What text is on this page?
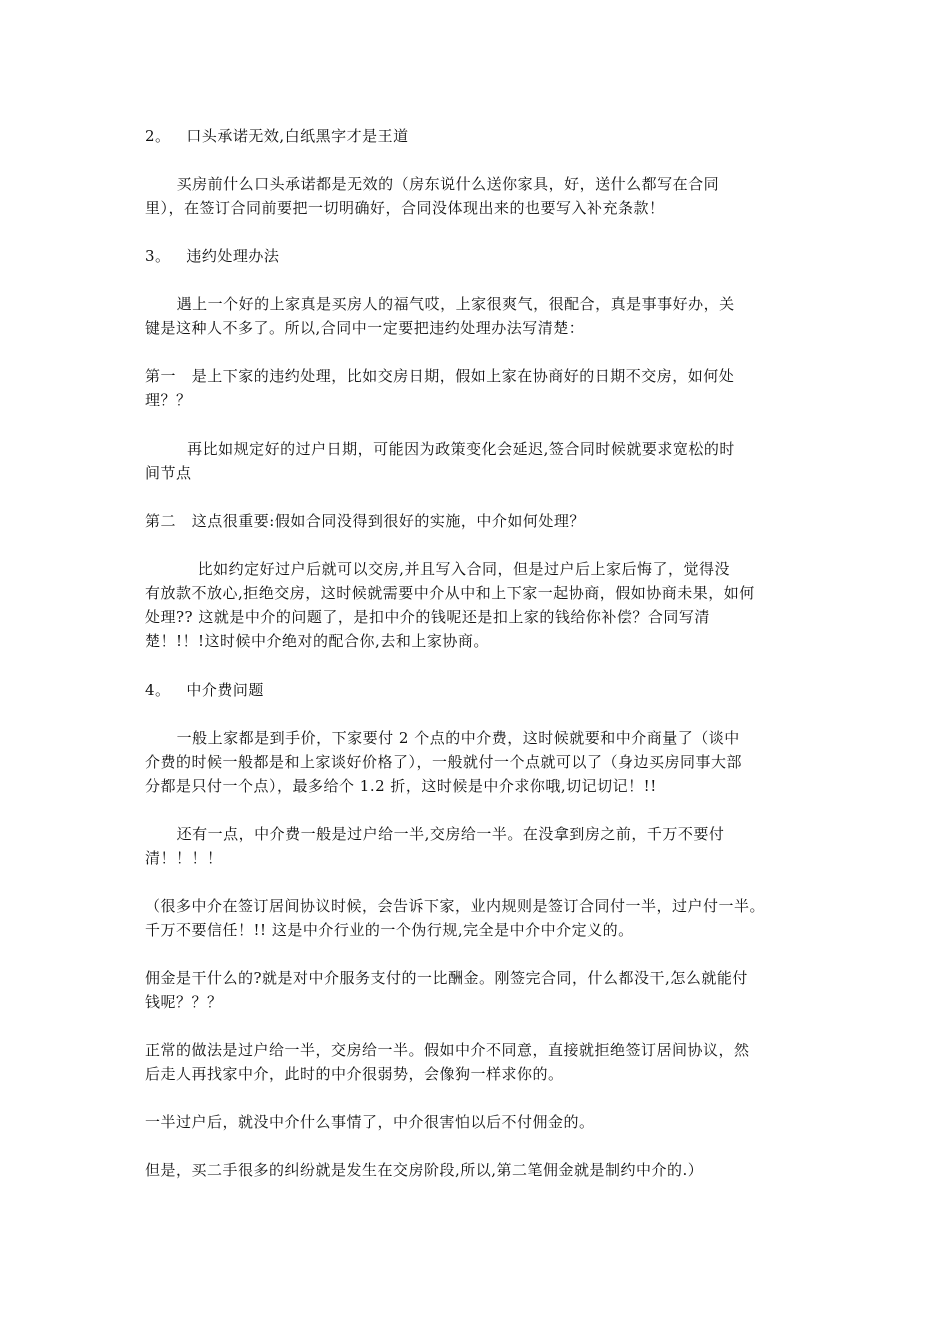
2。   口头承诺无效,白纸黑字才是王道
买房前什么口头承诺都是无效的（房东说什么送你家具，好，送什么都写在合同
里），在签订合同前要把一切明确好，合同没体现出来的也要写入补充条款！
3。   违约处理办法
遇上一个好的上家真是买房人的福气哎，上家很爽气，很配合，真是事事好办，关
键是这种人不多了。所以,合同中一定要把违约处理办法写清楚：
第一   是上下家的违约处理，比如交房日期，假如上家在协商好的日期不交房，如何处
理？？
再比如规定好的过户日期，可能因为政策变化会延迟,签合同时候就要求宽松的时
间节点
第二   这点很重要:假如合同没得到很好的实施，中介如何处理？
比如约定好过户后就可以交房,并且写入合同，但是过户后上家后悔了，觉得没
有放款不放心,拒绝交房，这时候就需要中介从中和上下家一起协商，假如协商未果，如何
处理?? 这就是中介的问题了，是扣中介的钱呢还是扣上家的钱给你补偿？合同写清
楚！!！!这时候中介绝对的配合你,去和上家协商。
4。   中介费问题
一般上家都是到手价，下家要付 2 个点的中介费，这时候就要和中介商量了（谈中
介费的时候一般都是和上家谈好价格了），一般就付一个点就可以了（身边买房同事大部
分都是只付一个点），最多给个 1.2 折，这时候是中介求你哦,切记切记！!!
还有一点，中介费一般是过户给一半,交房给一半。在没拿到房之前，千万不要付
清！！！！
（很多中介在签订居间协议时候，会告诉下家，业内规则是签订合同付一半，过户付一半。
千万不要信任！!! 这是中介行业的一个伪行规,完全是中介中介定义的。
佣金是干什么的?就是对中介服务支付的一比酬金。刚签完合同，什么都没干,怎么就能付
钱呢？？？
正常的做法是过户给一半，交房给一半。假如中介不同意，直接就拒绝签订居间协议，然
后走人再找家中介，此时的中介很弱势，会像狗一样求你的。
一半过户后，就没中介什么事情了，中介很害怕以后不付佣金的。
但是，买二手很多的纠纷就是发生在交房阶段,所以,第二笔佣金就是制约中介的.）
